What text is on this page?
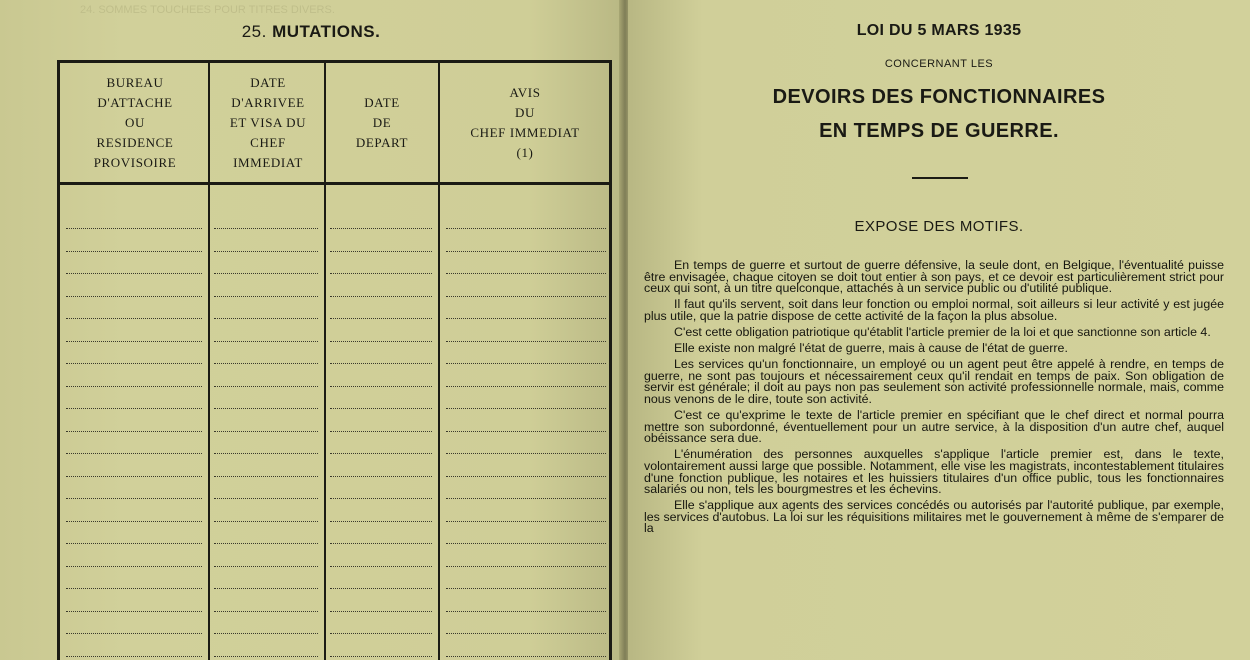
24. SOMMES TOUCHEES POUR TITRES DIVERS.
25. MUTATIONS.
BUREAU
D'ATTACHE
OU
RESIDENCE
PROVISOIRE
DATE
D'ARRIVEE
ET VISA DU
CHEF
IMMEDIAT
DATE
DE
DEPART
AVIS
DU
CHEF IMMEDIAT
(1)
LOI DU 5 MARS 1935
CONCERNANT LES
DEVOIRS DES FONCTIONNAIRES
EN TEMPS DE GUERRE.
EXPOSE DES MOTIFS.

En temps de guerre et surtout de guerre défensive, la seule dont, en Belgique, l'éventualité puisse être envisagée, chaque citoyen se doit tout entier à son pays, et ce devoir est particulièrement strict pour ceux qui sont, à un titre quelconque, attachés à un service public ou d'utilité publique.

Il faut qu'ils servent, soit dans leur fonction ou emploi normal, soit ailleurs si leur activité y est jugée plus utile, que la patrie dispose de cette activité de la façon la plus absolue.

C'est cette obligation patriotique qu'établit l'article premier de la loi et que sanctionne son article 4.

Elle existe non malgré l'état de guerre, mais à cause de l'état de guerre.

Les services qu'un fonctionnaire, un employé ou un agent peut être appelé à rendre, en temps de guerre, ne sont pas toujours et nécessairement ceux qu'il rendait en temps de paix. Son obligation de servir est générale; il doit au pays non pas seulement son activité professionnelle normale, mais, comme nous venons de le dire, toute son activité.

C'est ce qu'exprime le texte de l'article premier en spécifiant que le chef direct et normal pourra mettre son subordonné, éventuellement pour un autre service, à la disposition d'un autre chef, auquel obéissance sera due.

L'énumération des personnes auxquelles s'applique l'article premier est, dans le texte, volontairement aussi large que possible. Notamment, elle vise les magistrats, incontestablement titulaires d'une fonction publique, les notaires et les huissiers titulaires d'un office public, tous les fonctionnaires salariés ou non, tels les bourgmestres et les échevins.

Elle s'applique aux agents des services concédés ou autorisés par l'autorité publique, par exemple, les services d'autobus. La loi sur les réquisitions militaires met le gouvernement à même de s'emparer de la
